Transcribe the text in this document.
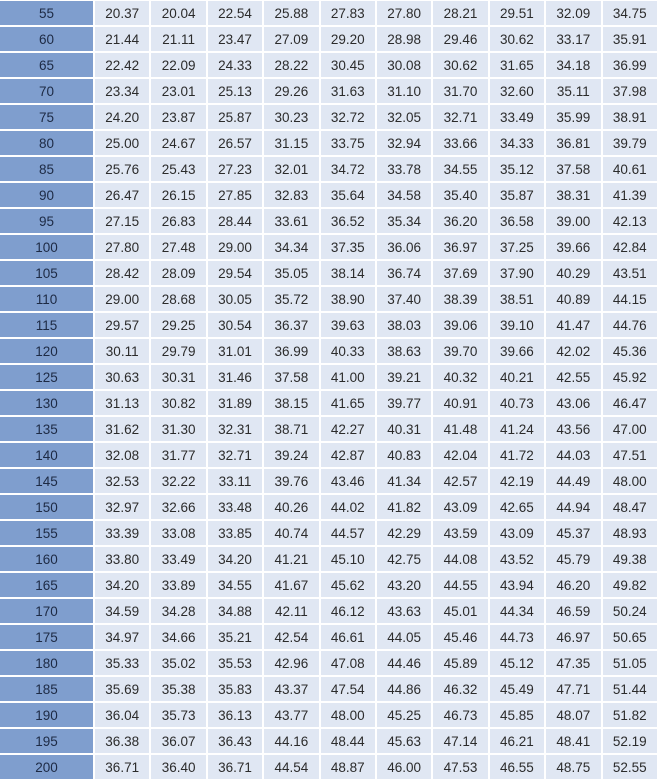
55	20.37	20.04	22.54	25.88	27.83	27.80	28.21	29.51	32.09	34.75
60	21.44	21.11	23.47	27.09	29.20	28.98	29.46	30.62	33.17	35.91
65	22.42	22.09	24.33	28.22	30.45	30.08	30.62	31.65	34.18	36.99
70	23.34	23.01	25.13	29.26	31.63	31.10	31.70	32.60	35.11	37.98
75	24.20	23.87	25.87	30.23	32.72	32.05	32.71	33.49	35.99	38.91
80	25.00	24.67	26.57	31.15	33.75	32.94	33.66	34.33	36.81	39.79
85	25.76	25.43	27.23	32.01	34.72	33.78	34.55	35.12	37.58	40.61
90	26.47	26.15	27.85	32.83	35.64	34.58	35.40	35.87	38.31	41.39
95	27.15	26.83	28.44	33.61	36.52	35.34	36.20	36.58	39.00	42.13
100	27.80	27.48	29.00	34.34	37.35	36.06	36.97	37.25	39.66	42.84
105	28.42	28.09	29.54	35.05	38.14	36.74	37.69	37.90	40.29	43.51
110	29.00	28.68	30.05	35.72	38.90	37.40	38.39	38.51	40.89	44.15
115	29.57	29.25	30.54	36.37	39.63	38.03	39.06	39.10	41.47	44.76
120	30.11	29.79	31.01	36.99	40.33	38.63	39.70	39.66	42.02	45.36
125	30.63	30.31	31.46	37.58	41.00	39.21	40.32	40.21	42.55	45.92
130	31.13	30.82	31.89	38.15	41.65	39.77	40.91	40.73	43.06	46.47
135	31.62	31.30	32.31	38.71	42.27	40.31	41.48	41.24	43.56	47.00
140	32.08	31.77	32.71	39.24	42.87	40.83	42.04	41.72	44.03	47.51
145	32.53	32.22	33.11	39.76	43.46	41.34	42.57	42.19	44.49	48.00
150	32.97	32.66	33.48	40.26	44.02	41.82	43.09	42.65	44.94	48.47
155	33.39	33.08	33.85	40.74	44.57	42.29	43.59	43.09	45.37	48.93
160	33.80	33.49	34.20	41.21	45.10	42.75	44.08	43.52	45.79	49.38
165	34.20	33.89	34.55	41.67	45.62	43.20	44.55	43.94	46.20	49.82
170	34.59	34.28	34.88	42.11	46.12	43.63	45.01	44.34	46.59	50.24
175	34.97	34.66	35.21	42.54	46.61	44.05	45.46	44.73	46.97	50.65
180	35.33	35.02	35.53	42.96	47.08	44.46	45.89	45.12	47.35	51.05
185	35.69	35.38	35.83	43.37	47.54	44.86	46.32	45.49	47.71	51.44
190	36.04	35.73	36.13	43.77	48.00	45.25	46.73	45.85	48.07	51.82
195	36.38	36.07	36.43	44.16	48.44	45.63	47.14	46.21	48.41	52.19
200	36.71	36.40	36.71	44.54	48.87	46.00	47.53	46.55	48.75	52.55
